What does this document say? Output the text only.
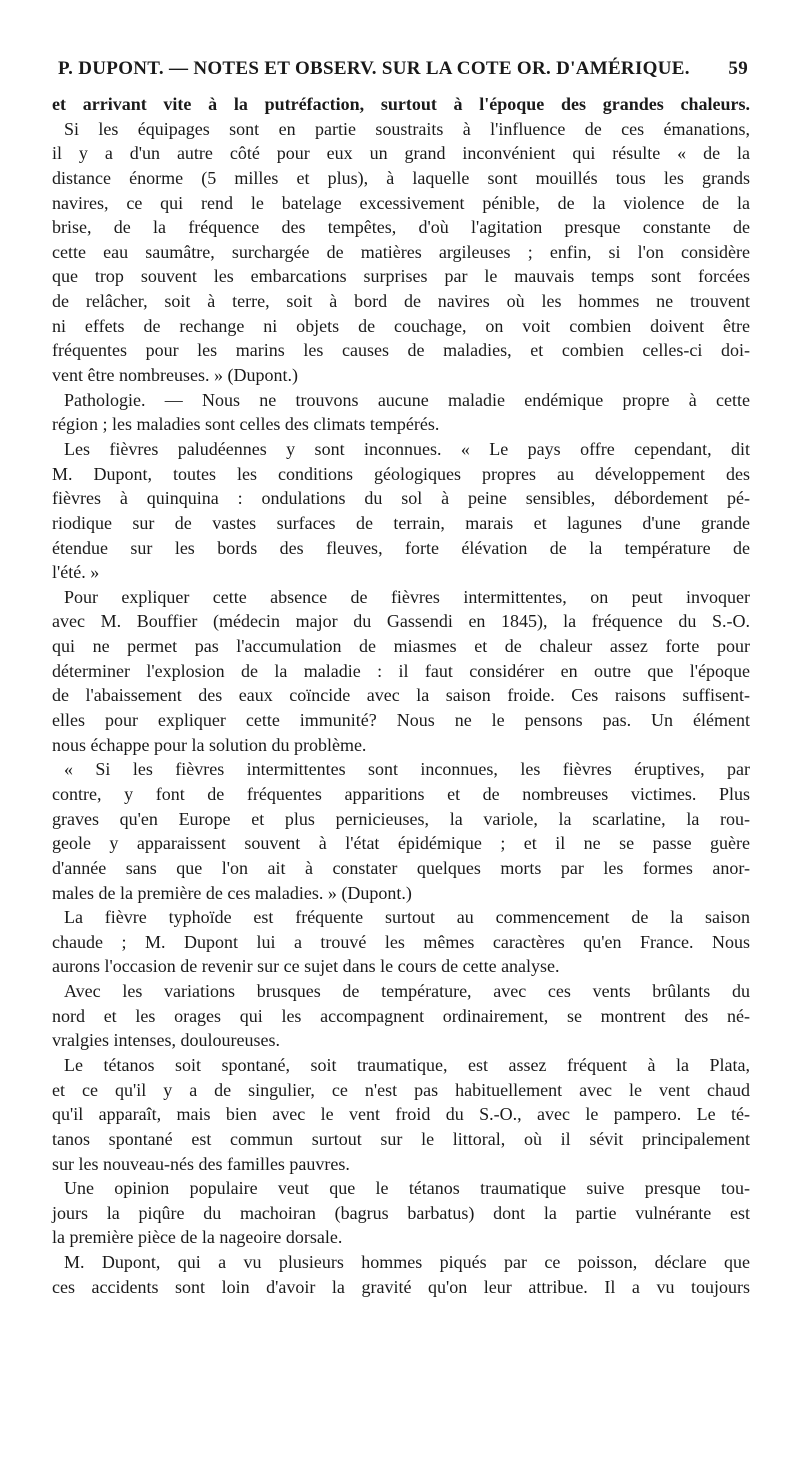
P. DUPONT. — NOTES ET OBSERV. SUR LA COTE OR. D'AMÉRIQUE. 59
et arrivant vite à la putréfaction, surtout à l'époque des grandes chaleurs.
Si les équipages sont en partie soustraits à l'influence de ces émanations,
il y a d'un autre côté pour eux un grand inconvénient qui résulte « de la
distance énorme (5 milles et plus), à laquelle sont mouillés tous les grands
navires, ce qui rend le batelage excessivement pénible, de la violence de la
brise, de la fréquence des tempêtes, d'où l'agitation presque constante de
cette eau saumâtre, surchargée de matières argileuses ; enfin, si l'on considère
que trop souvent les embarcations surprises par le mauvais temps sont forcées
de relâcher, soit à terre, soit à bord de navires où les hommes ne trouvent
ni effets de rechange ni objets de couchage, on voit combien doivent être
fréquentes pour les marins les causes de maladies, et combien celles-ci doi-
vent être nombreuses. » (Dupont.)
Pathologie. — Nous ne trouvons aucune maladie endémique propre à cette
région ; les maladies sont celles des climats tempérés.
Les fièvres paludéennes y sont inconnues. « Le pays offre cependant, dit
M. Dupont, toutes les conditions géologiques propres au développement des
fièvres à quinquina : ondulations du sol à peine sensibles, débordement pé-
riodique sur de vastes surfaces de terrain, marais et lagunes d'une grande
étendue sur les bords des fleuves, forte élévation de la température de
l'été. »
Pour expliquer cette absence de fièvres intermittentes, on peut invoquer
avec M. Bouffier (médecin major du Gassendi en 1845), la fréquence du S.-O.
qui ne permet pas l'accumulation de miasmes et de chaleur assez forte pour
déterminer l'explosion de la maladie : il faut considérer en outre que l'époque
de l'abaissement des eaux coïncide avec la saison froide. Ces raisons suffisent-
elles pour expliquer cette immunité? Nous ne le pensons pas. Un élément
nous échappe pour la solution du problème.
« Si les fièvres intermittentes sont inconnues, les fièvres éruptives, par
contre, y font de fréquentes apparitions et de nombreuses victimes. Plus
graves qu'en Europe et plus pernicieuses, la variole, la scarlatine, la rou-
geole y apparaissent souvent à l'état épidémique ; et il ne se passe guère
d'année sans que l'on ait à constater quelques morts par les formes anor-
males de la première de ces maladies. » (Dupont.)
La fièvre typhoïde est fréquente surtout au commencement de la saison
chaude ; M. Dupont lui a trouvé les mêmes caractères qu'en France. Nous
aurons l'occasion de revenir sur ce sujet dans le cours de cette analyse.
Avec les variations brusques de température, avec ces vents brûlants du
nord et les orages qui les accompagnent ordinairement, se montrent des né-
vralgies intenses, douloureuses.
Le tétanos soit spontané, soit traumatique, est assez fréquent à la Plata,
et ce qu'il y a de singulier, ce n'est pas habituellement avec le vent chaud
qu'il apparaît, mais bien avec le vent froid du S.-O., avec le pampero. Le té-
tanos spontané est commun surtout sur le littoral, où il sévit principalement
sur les nouveau-nés des familles pauvres.
Une opinion populaire veut que le tétanos traumatique suive presque tou-
jours la piqûre du machoiran (bagrus barbatus) dont la partie vulnérante est
la première pièce de la nageoire dorsale.
M. Dupont, qui a vu plusieurs hommes piqués par ce poisson, déclare que
ces accidents sont loin d'avoir la gravité qu'on leur attribue. Il a vu toujours
